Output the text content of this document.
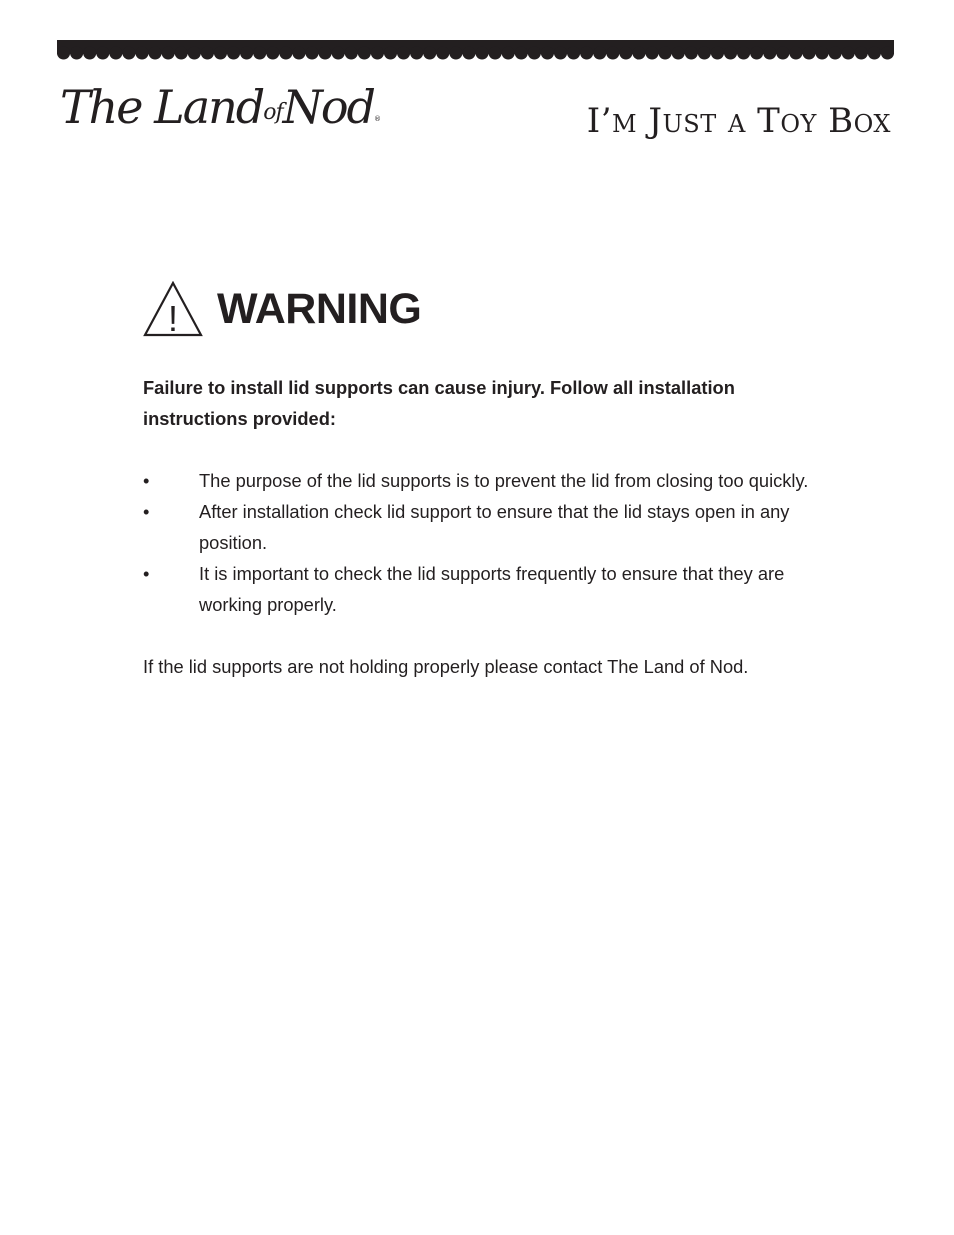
The LandofNod®	I’m Just a Toy Box
! WARNING

Failure to install lid supports can cause injury. Follow all installation instructions provided:

•	The purpose of the lid supports is to prevent the lid from closing too quickly.
•	After installation check lid support to ensure that the lid stays open in any position.
•	It is important to check the lid supports frequently to ensure that they are working properly.

If the lid supports are not holding properly please contact The Land of Nod.
